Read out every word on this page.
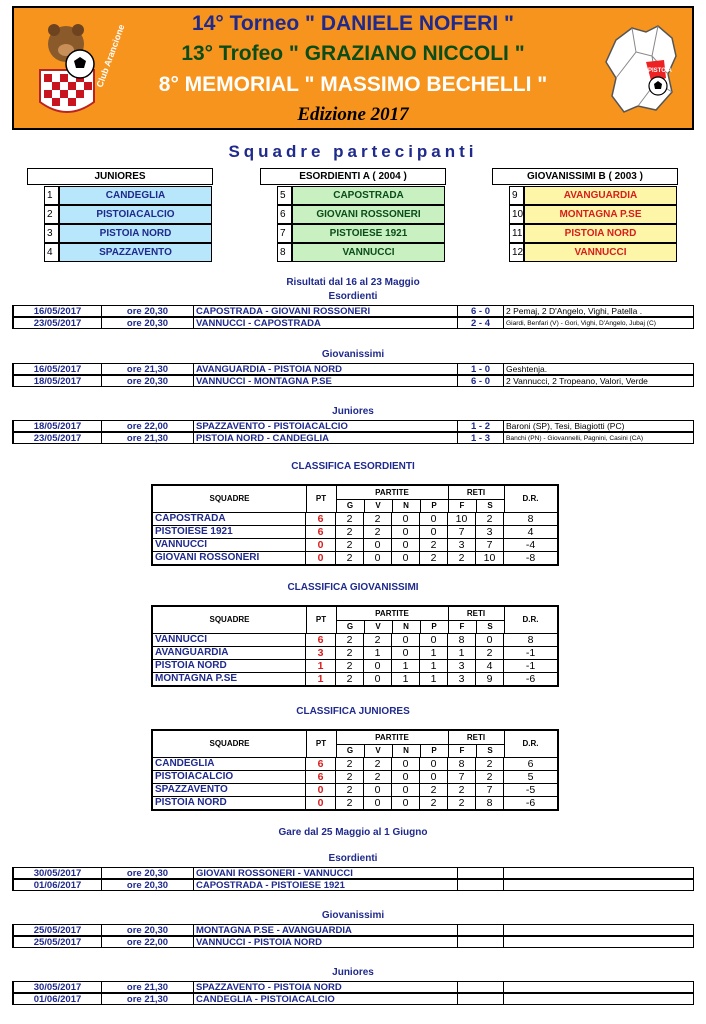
14° Torneo " DANIELE NOFERI "
13° Trofeo " GRAZIANO NICCOLI "
8° MEMORIAL " MASSIMO BECHELLI "
Edizione 2017
Club Arancione	PISTOIA
Squadre partecipanti
JUNIORES
1	CANDEGLIA
2	PISTOIACALCIO
3	PISTOIA NORD
4	SPAZZAVENTO
ESORDIENTI A ( 2004 )
5	CAPOSTRADA
6	GIOVANI ROSSONERI
7	PISTOIESE 1921
8	VANNUCCI
GIOVANISSIMI B ( 2003 )
9	AVANGUARDIA
10	MONTAGNA P.SE
11	PISTOIA NORD
12	VANNUCCI
Risultati dal 16 al 23 Maggio
Esordienti
16/05/2017	ore 20,30	CAPOSTRADA - GIOVANI ROSSONERI	6 - 0	2 Pemaj, 2 D'Angelo, Vighi, Patella .
23/05/2017	ore 20,30	VANNUCCI - CAPOSTRADA	2 - 4	Giardi, Benfari (V) - Gori, Vighi, D'Angelo, Jubaj (C)
Giovanissimi
16/05/2017	ore 21,30	AVANGUARDIA - PISTOIA NORD	1 - 0	Geshtenja.
18/05/2017	ore 20,30	VANNUCCI - MONTAGNA P.SE	6 - 0	2 Vannucci, 2 Tropeano, Valori, Verde
Juniores
18/05/2017	ore 22,00	SPAZZAVENTO - PISTOIACALCIO	1 - 2	Baroni (SP), Tesi, Biagiotti (PC)
23/05/2017	ore 21,30	PISTOIA NORD - CANDEGLIA	1 - 3	Banchi (PN) - Giovannelli, Pagnini, Casini (CA)
CLASSIFICA ESORDIENTI
SQUADRE	PT
PARTITE	RETI
D.R.
G	V	N	P	F	S
CAPOSTRADA	6	2	2	0	0	10	2	8
PISTOIESE 1921	6	2	2	0	0	7	3	4
VANNUCCI	0	2	0	0	2	3	7	-4
GIOVANI ROSSONERI	0	2	0	0	2	2	10	-8
CLASSIFICA GIOVANISSIMI
SQUADRE	PT
PARTITE	RETI
D.R.
G	V	N	P	F	S
VANNUCCI	6	2	2	0	0	8	0	8
AVANGUARDIA	3	2	1	0	1	1	2	-1
PISTOIA NORD	1	2	0	1	1	3	4	-1
MONTAGNA P.SE	1	2	0	1	1	3	9	-6
CLASSIFICA JUNIORES
SQUADRE	PT
PARTITE	RETI
D.R.
G	V	N	P	F	S
CANDEGLIA	6	2	2	0	0	8	2	6
PISTOIACALCIO	6	2	2	0	0	7	2	5
SPAZZAVENTO	0	2	0	0	2	2	7	-5
PISTOIA NORD	0	2	0	0	2	2	8	-6
Gare dal 25 Maggio al 1 Giugno
Esordienti
30/05/2017	ore 20,30	GIOVANI ROSSONERI - VANNUCCI
01/06/2017	ore 20,30	CAPOSTRADA - PISTOIESE 1921
Giovanissimi
25/05/2017	ore 20,30	MONTAGNA P.SE - AVANGUARDIA
25/05/2017	ore 22,00	VANNUCCI - PISTOIA NORD
Juniores
30/05/2017	ore 21,30	SPAZZAVENTO - PISTOIA NORD
01/06/2017	ore 21,30	CANDEGLIA - PISTOIACALCIO
